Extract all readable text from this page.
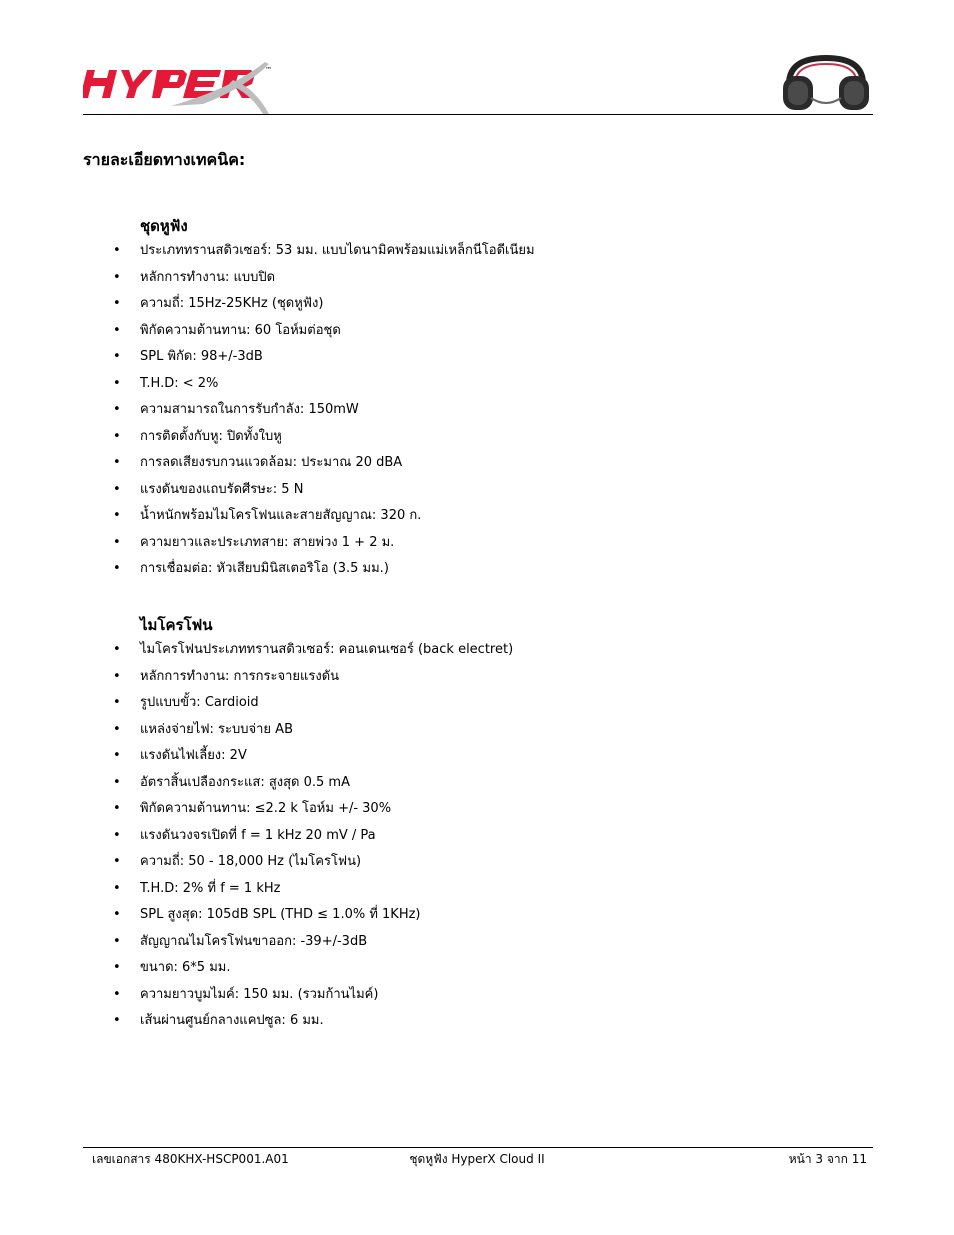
™
รายละเอียดทางเทคนิค:
ชุดหูฟัง
• ประเภททรานสดิวเซอร์: 53 มม. แบบไดนามิคพร้อมแม่เหล็กนีโอดีเนียม
• หลักการทำงาน: แบบปิด
• ความถี่: 15Hz-25KHz (ชุดหูฟัง)
• พิกัดความต้านทาน: 60 โอห์มต่อชุด
• SPL พิกัด: 98+/-3dB
• T.H.D: < 2%
• ความสามารถในการรับกำลัง: 150mW
• การติดตั้งกับหู: ปิดทั้งใบหู
• การลดเสียงรบกวนแวดล้อม: ประมาณ 20 dBA
• แรงดันของแถบรัดศีรษะ: 5 N
• น้ำหนักพร้อมไมโครโฟนและสายสัญญาณ: 320 ก.
• ความยาวและประเภทสาย: สายพ่วง 1 + 2 ม.
• การเชื่อมต่อ: หัวเสียบมินิสเตอริโอ (3.5 มม.)
ไมโครโฟน
• ไมโครโฟนประเภททรานสดิวเซอร์: คอนเดนเซอร์ (back electret)
• หลักการทำงาน: การกระจายแรงดัน
• รูปแบบขั้ว: Cardioid
• แหล่งจ่ายไฟ: ระบบจ่าย AB
• แรงดันไฟเลี้ยง: 2V
• อัตราสิ้นเปลืองกระแส: สูงสุด 0.5 mA
• พิกัดความต้านทาน: ≤2.2 k โอห์ม +/- 30%
• แรงดันวงจรเปิดที่ f = 1 kHz 20 mV / Pa
• ความถี่: 50 - 18,000 Hz (ไมโครโฟน)
• T.H.D: 2% ที่ f = 1 kHz
• SPL สูงสุด: 105dB SPL (THD ≤ 1.0% ที่ 1KHz)
• สัญญาณไมโครโฟนขาออก: -39+/-3dB
• ขนาด: 6*5 มม.
• ความยาวบูมไมค์: 150 มม. (รวมก้านไมค์)
• เส้นผ่านศูนย์กลางแคปซูล: 6 มม.
เลขเอกสาร 480KHX-HSCP001.A01	ชุดหูฟัง HyperX Cloud II	หน้า 3 จาก 11
